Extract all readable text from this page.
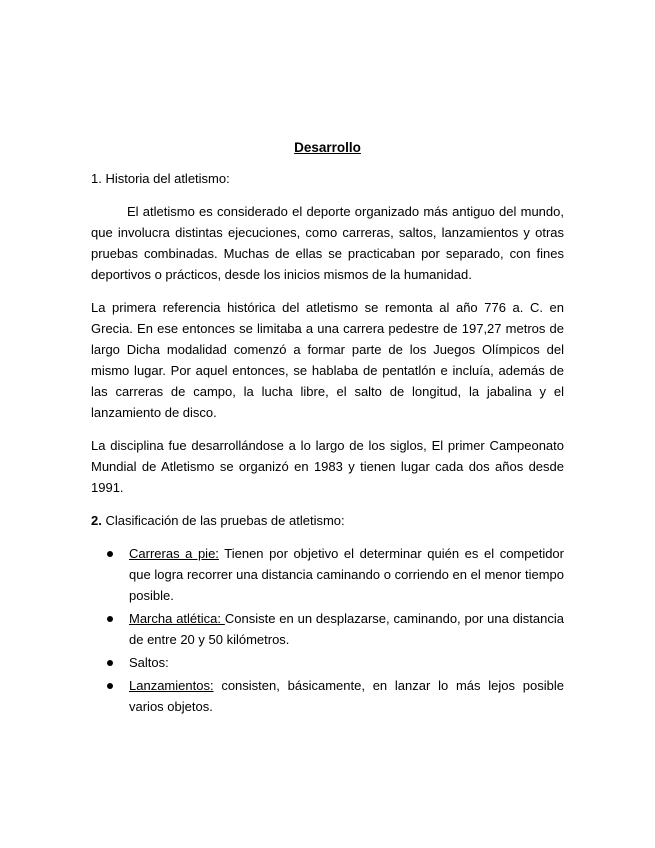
Desarrollo
1. Historia del atletismo:

El atletismo es considerado el deporte organizado más antiguo del mundo, que involucra distintas ejecuciones, como carreras, saltos, lanzamientos y otras pruebas combinadas. Muchas de ellas se practicaban por separado, con fines deportivos o prácticos, desde los inicios mismos de la humanidad.

La primera referencia histórica del atletismo se remonta al año 776 a. C. en Grecia. En ese entonces se limitaba a una carrera pedestre de 197,27 metros de largo Dicha modalidad comenzó a formar parte de los Juegos Olímpicos del mismo lugar. Por aquel entonces, se hablaba de pentatlón e incluía, además de las carreras de campo, la lucha libre, el salto de longitud, la jabalina y el lanzamiento de disco.

La disciplina fue desarrollándose a lo largo de los siglos, El primer Campeonato Mundial de Atletismo se organizó en 1983 y tienen lugar cada dos años desde 1991.

2. Clasificación de las pruebas de atletismo:
Carreras a pie: Tienen por objetivo el determinar quién es el competidor que logra recorrer una distancia caminando o corriendo en el menor tiempo posible.
Marcha atlética: Consiste en un desplazarse, caminando, por una distancia de entre 20 y 50 kilómetros.
Saltos:
Lanzamientos: consisten, básicamente, en lanzar lo más lejos posible varios objetos.
